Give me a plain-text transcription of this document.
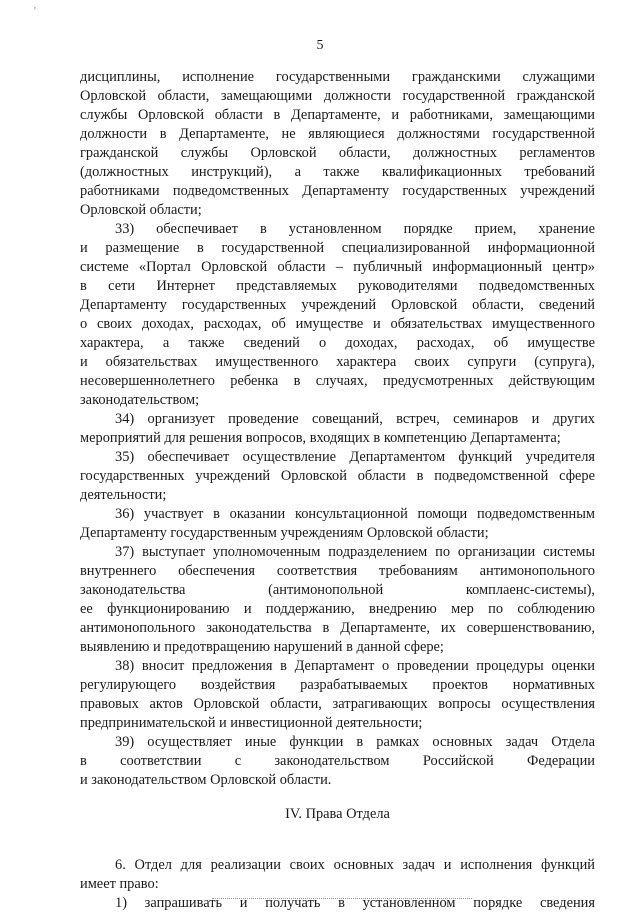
'
5

дисциплины, исполнение государственными гражданскими служащими

Орловской области, замещающими должности государственной гражданской

службы Орловской области в Департаменте, и работниками, замещающими

должности в Департаменте, не являющиеся должностями государственной

гражданской службы Орловской области, должностных регламентов

(должностных инструкций), а также квалификационных требований

работниками подведомственных Департаменту государственных учреждений

Орловской области;

33) обеспечивает в установленном порядке прием, хранение

и размещение в государственной специализированной информационной

системе «Портал Орловской области – публичный информационный центр»

в сети Интернет представляемых руководителями подведомственных

Департаменту государственных учреждений Орловской области, сведений

о своих доходах, расходах, об имуществе и обязательствах имущественного

характера, а также сведений о доходах, расходах, об имуществе

и обязательствах имущественного характера своих супруги (супруга),

несовершеннолетнего ребенка в случаях, предусмотренных действующим

законодательством;

34) организует проведение совещаний, встреч, семинаров и других

мероприятий для решения вопросов, входящих в компетенцию Департамента;

35) обеспечивает осуществление Департаментом функций учредителя

государственных учреждений Орловской области в подведомственной сфере

деятельности;

36) участвует в оказании консультационной помощи подведомственным

Департаменту государственным учреждениям Орловской области;

37) выступает уполномоченным подразделением по организации системы

внутреннего обеспечения соответствия требованиям антимонопольного

законодательства (антимонопольной комплаенс-системы),

ее функционированию и поддержанию, внедрению мер по соблюдению

антимонопольного законодательства в Департаменте, их совершенствованию,

выявлению и предотвращению нарушений в данной сфере;

38) вносит предложения в Департамент о проведении процедуры оценки

регулирующего воздействия разрабатываемых проектов нормативных

правовых актов Орловской области, затрагивающих вопросы осуществления

предпринимательской и инвестиционной деятельности;

39) осуществляет иные функции в рамках основных задач Отдела

в соответствии с законодательством Российской Федерации

и законодательством Орловской области.

IV. Права Отдела

6. Отдел для реализации своих основных задач и исполнения функций

имеет право:

1) запрашивать и получать в установленном порядке сведения
